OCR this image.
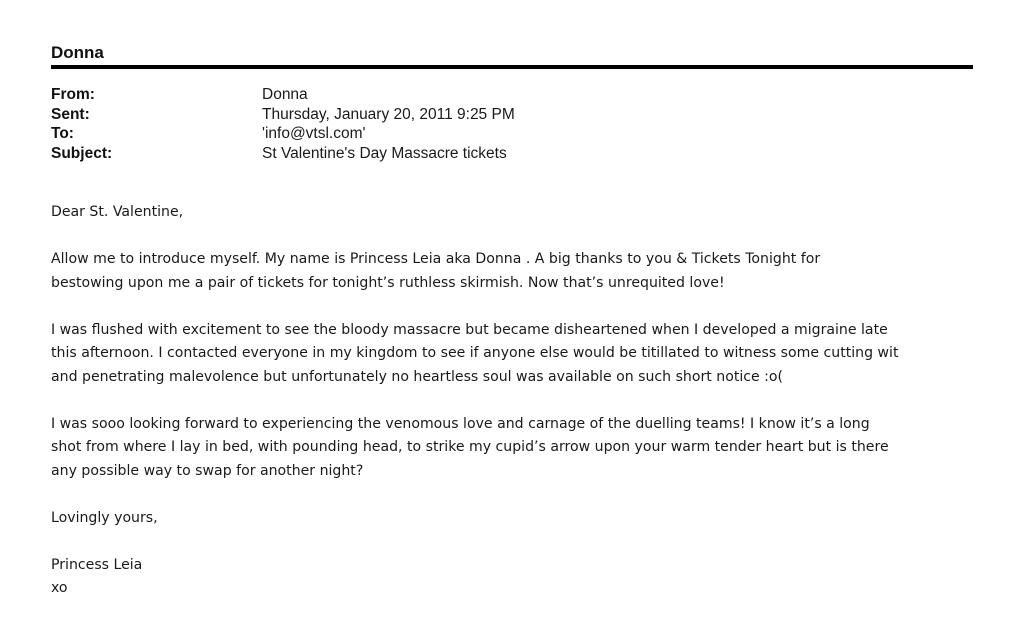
Donna
From:	Donna
Sent:	Thursday, January 20, 2011 9:25 PM
To:	'info@vtsl.com'
Subject:	St Valentine's Day Massacre tickets

Dear St. Valentine,

Allow me to introduce myself. My name is Princess Leia aka Donna . A big thanks to you & Tickets Tonight for
bestowing upon me a pair of tickets for tonight’s ruthless skirmish. Now that’s unrequited love!

I was flushed with excitement to see the bloody massacre but became disheartened when I developed a migraine late
this afternoon. I contacted everyone in my kingdom to see if anyone else would be titillated to witness some cutting wit
and penetrating malevolence but unfortunately no heartless soul was available on such short notice :o(

I was sooo looking forward to experiencing the venomous love and carnage of the duelling teams! I know it’s a long
shot from where I lay in bed, with pounding head, to strike my cupid’s arrow upon your warm tender heart but is there
any possible way to swap for another night?

Lovingly yours,

Princess Leia

xo
